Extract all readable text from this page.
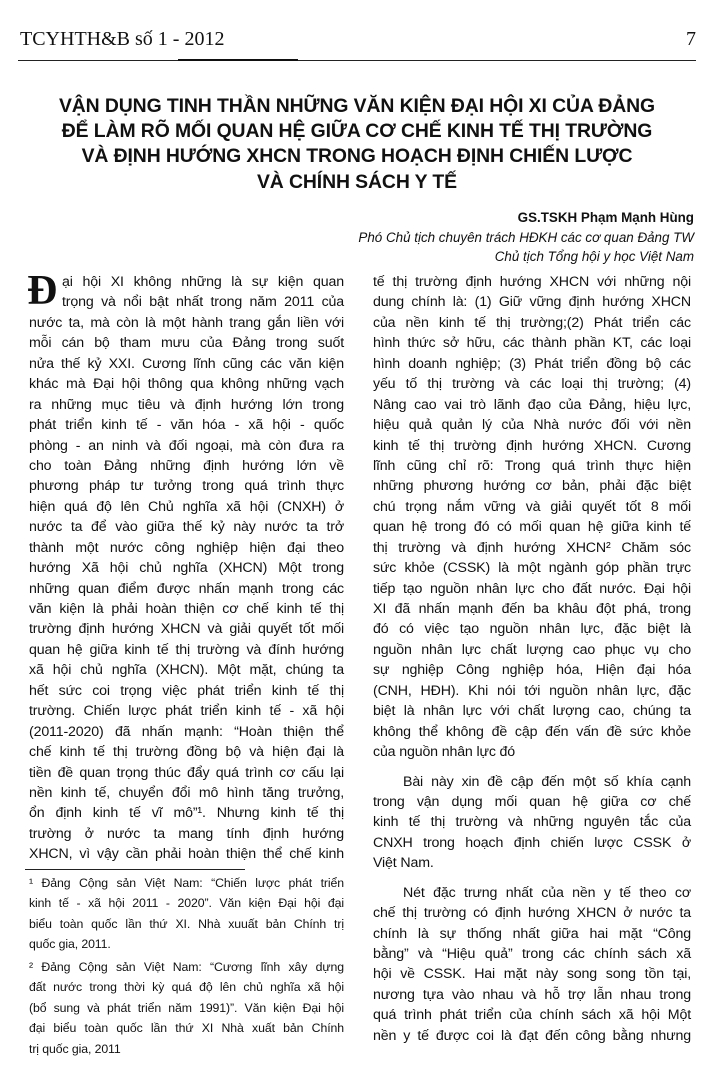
TCYHTH&B số 1 - 2012	7
VẬN DỤNG TINH THẦN NHỮNG VĂN KIỆN ĐẠI HỘI XI CỦA ĐẢNG
ĐỂ LÀM RÕ MỐI QUAN HỆ GIỮA CƠ CHẾ KINH TẾ THỊ TRƯỜNG
VÀ ĐỊNH HƯỚNG XHCN TRONG HOẠCH ĐỊNH CHIẾN LƯỢC
VÀ CHÍNH SÁCH Y TẾ
GS.TSKH Phạm Mạnh Hùng
Phó Chủ tịch chuyên trách HĐKH các cơ quan Đảng TW
Chủ tịch Tổng hội y học Việt Nam
Đ ại hội XI không những là sự kiện quan
trọng và nổi bật nhất trong năm 2011 của
nước ta, mà còn là một hành trang gắn liền với
mỗi cán bộ tham mưu của Đảng trong suốt
nửa thế kỷ XXI. Cương lĩnh cũng các văn kiện
khác mà Đại hội thông qua không những vạch
ra những mục tiêu và định hướng lớn trong
phát triển kinh tế - văn hóa - xã hội - quốc
phòng - an ninh và đối ngoại, mà còn đưa ra
cho toàn Đảng những định hướng lớn về
phương pháp tư tưởng trong quá trình thực
hiện quá độ lên Chủ nghĩa xã hội (CNXH) ở
nước ta để vào giữa thế kỷ này nước ta trở
thành một nước công nghiệp hiện đại theo
hướng Xã hội chủ nghĩa (XHCN) Một trong
những quan điểm được nhấn mạnh trong các
văn kiện là phải hoàn thiện cơ chế kinh tế thị
trường định hướng XHCN và giải quyết tốt mối
quan hệ giữa kinh tế thị trường và đính hướng
xã hội chủ nghĩa (XHCN). Một mặt, chúng ta
hết sức coi trọng việc phát triển kinh tế thị
trường. Chiến lược phát triển kinh tế - xã hội
(2011-2020) đã nhấn mạnh: “Hoàn thiện thể
chế kinh tế thị trường đồng bộ và hiện đại là
tiền đề quan trọng thúc đẩy quá trình cơ cấu lại
nền kinh tế, chuyển đổi mô hình tăng trưởng,
ổn định kinh tế vĩ mô”¹. Nhưng kinh tế thị
trường ở nước ta mang tính định hướng
XHCN, vì vậy cần phải hoàn thiện thể chế kinh
tế thị trường định hướng XHCN với những nội
dung chính là: (1) Giữ vững định hướng XHCN
của nền kinh tế thị trường;(2) Phát triển các
hình thức sở hữu, các thành phần KT, các loại
hình doanh nghiệp; (3) Phát triển đồng bộ các
yếu tố thị trường và các loại thị trường; (4)
Nâng cao vai trò lãnh đạo của Đảng, hiệu lực,
hiệu quả quản lý của Nhà nước đối với nền
kinh tế thị trường định hướng XHCN. Cương
lĩnh cũng chỉ rõ: Trong quá trình thực hiện
những phương hướng cơ bản, phải đặc biệt
chú trọng nắm vững và giải quyết tốt 8 mối
quan hệ trong đó có mối quan hệ giữa kinh tế
thị trường và định hướng XHCN² Chăm sóc
sức khỏe (CSSK) là một ngành góp phần trực
tiếp tạo nguồn nhân lực cho đất nước. Đại hội
XI đã nhấn mạnh đến ba khâu đột phá, trong
đó có việc tạo nguồn nhân lực, đặc biệt là
nguồn nhân lực chất lượng cao phục vụ cho
sự nghiệp Công nghiệp hóa, Hiện đại hóa
(CNH, HĐH). Khi nói tới nguồn nhân lực, đặc
biệt là nhân lực với chất lượng cao, chúng ta
không thể không đề cập đến vấn đề sức khỏe
của nguồn nhân lực đó
Bài này xin đề cập đến một số khía cạnh
trong vận dụng mối quan hệ giữa cơ chế
kinh tế thị trường và những nguyên tắc của
CNXH trong hoạch định chiến lược CSSK ở
Việt Nam.
Nét đặc trưng nhất của nền y tế theo cơ
chế thị trường có định hướng XHCN ở nước ta
chính là sự thống nhất giữa hai mặt “Công
bằng” và “Hiệu quả” trong các chính sách xã
hội về CSSK. Hai mặt này song song tồn tại,
nương tựa vào nhau và hỗ trợ lẫn nhau trong
quá trình phát triển của chính sách xã hội Một
nền y tế được coi là đạt đến công bằng nhưng
¹ Đảng Cộng sản Việt Nam: “Chiến lược phát triển
kinh tế - xã hội 2011 - 2020”. Văn kiện Đại hội đại
biểu toàn quốc lần thứ XI. Nhà xuuất bản Chính trị
quốc gia, 2011.
² Đảng Cộng sản Việt Nam: “Cương lĩnh xây dựng
đất nước trong thời kỳ quá độ lên chủ nghĩa xã hội
(bổ sung và phát triển năm 1991)”. Văn kiện Đại hội
đại biểu toàn quốc lần thứ XI Nhà xuất bản Chính
trị quốc gia, 2011
